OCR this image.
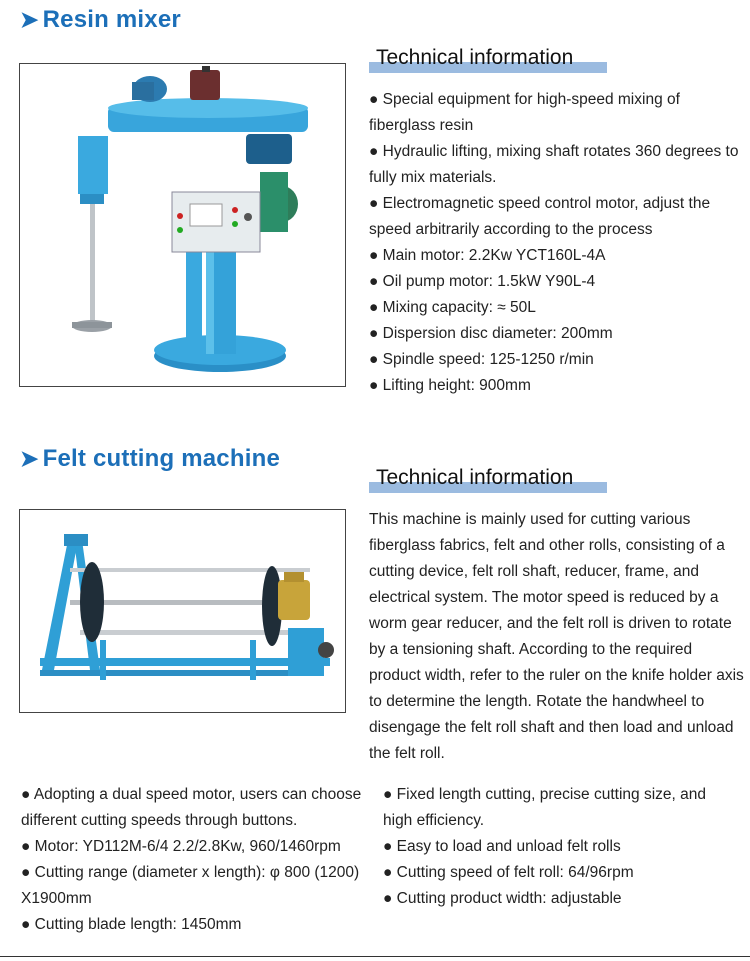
➤ Resin mixer
Technical information

● Special equipment for high-speed mixing of fiberglass resin

● Hydraulic lifting, mixing shaft rotates 360 degrees to fully mix materials.

● Electromagnetic speed control motor, adjust the speed arbitrarily according to the process

● Main motor: 2.2Kw YCT160L-4A

● Oil pump motor: 1.5kW Y90L-4

● Mixing capacity: ≈ 50L

● Dispersion disc diameter: 200mm

● Spindle speed: 125-1250 r/min

● Lifting height: 900mm

➤ Felt cutting machine
Technical information

This machine is mainly used for cutting various fiberglass fabrics, felt and other rolls, consisting of a cutting device, felt roll shaft, reducer, frame, and electrical system. The motor speed is reduced by a worm gear reducer, and the felt roll is driven to rotate by a tensioning shaft. According to the required product width, refer to the ruler on the knife holder axis to determine the length. Rotate the handwheel to disengage the felt roll shaft and then load and unload the felt roll.

● Adopting a dual speed motor, users can choose different cutting speeds through buttons.

● Motor: YD112M-6/4 2.2/2.8Kw, 960/1460rpm

● Cutting range (diameter x length): φ 800 (1200) X1900mm

● Cutting blade length: 1450mm

● Fixed length cutting, precise cutting size, and high efficiency.

● Easy to load and unload felt rolls

● Cutting speed of felt roll: 64/96rpm

● Cutting product width: adjustable
